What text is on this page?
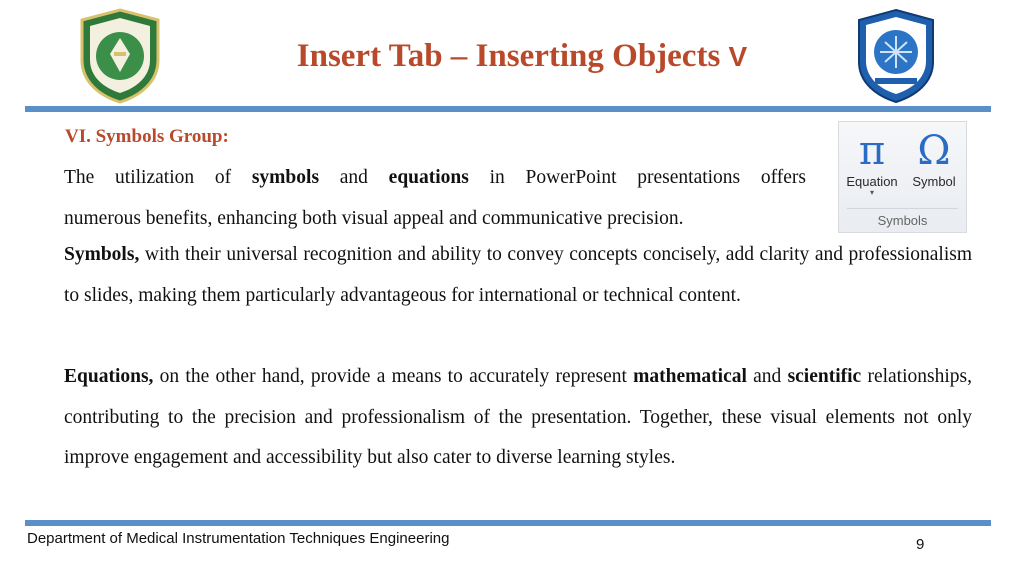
Insert Tab – Inserting Objects V
VI. Symbols Group:
The utilization of symbols and equations in PowerPoint presentations offers
numerous benefits, enhancing both visual appeal and communicative precision.
π
Equation
▾
Ω
Symbol
Symbols
Symbols, with their universal recognition and ability to convey concepts concisely, add clarity and professionalism to slides, making them particularly advantageous for international or technical content.
Equations, on the other hand, provide a means to accurately represent mathematical and scientific relationships, contributing to the precision and professionalism of the presentation. Together, these visual elements not only improve engagement and accessibility but also cater to diverse learning styles.
Department of Medical Instrumentation Techniques Engineering	9
